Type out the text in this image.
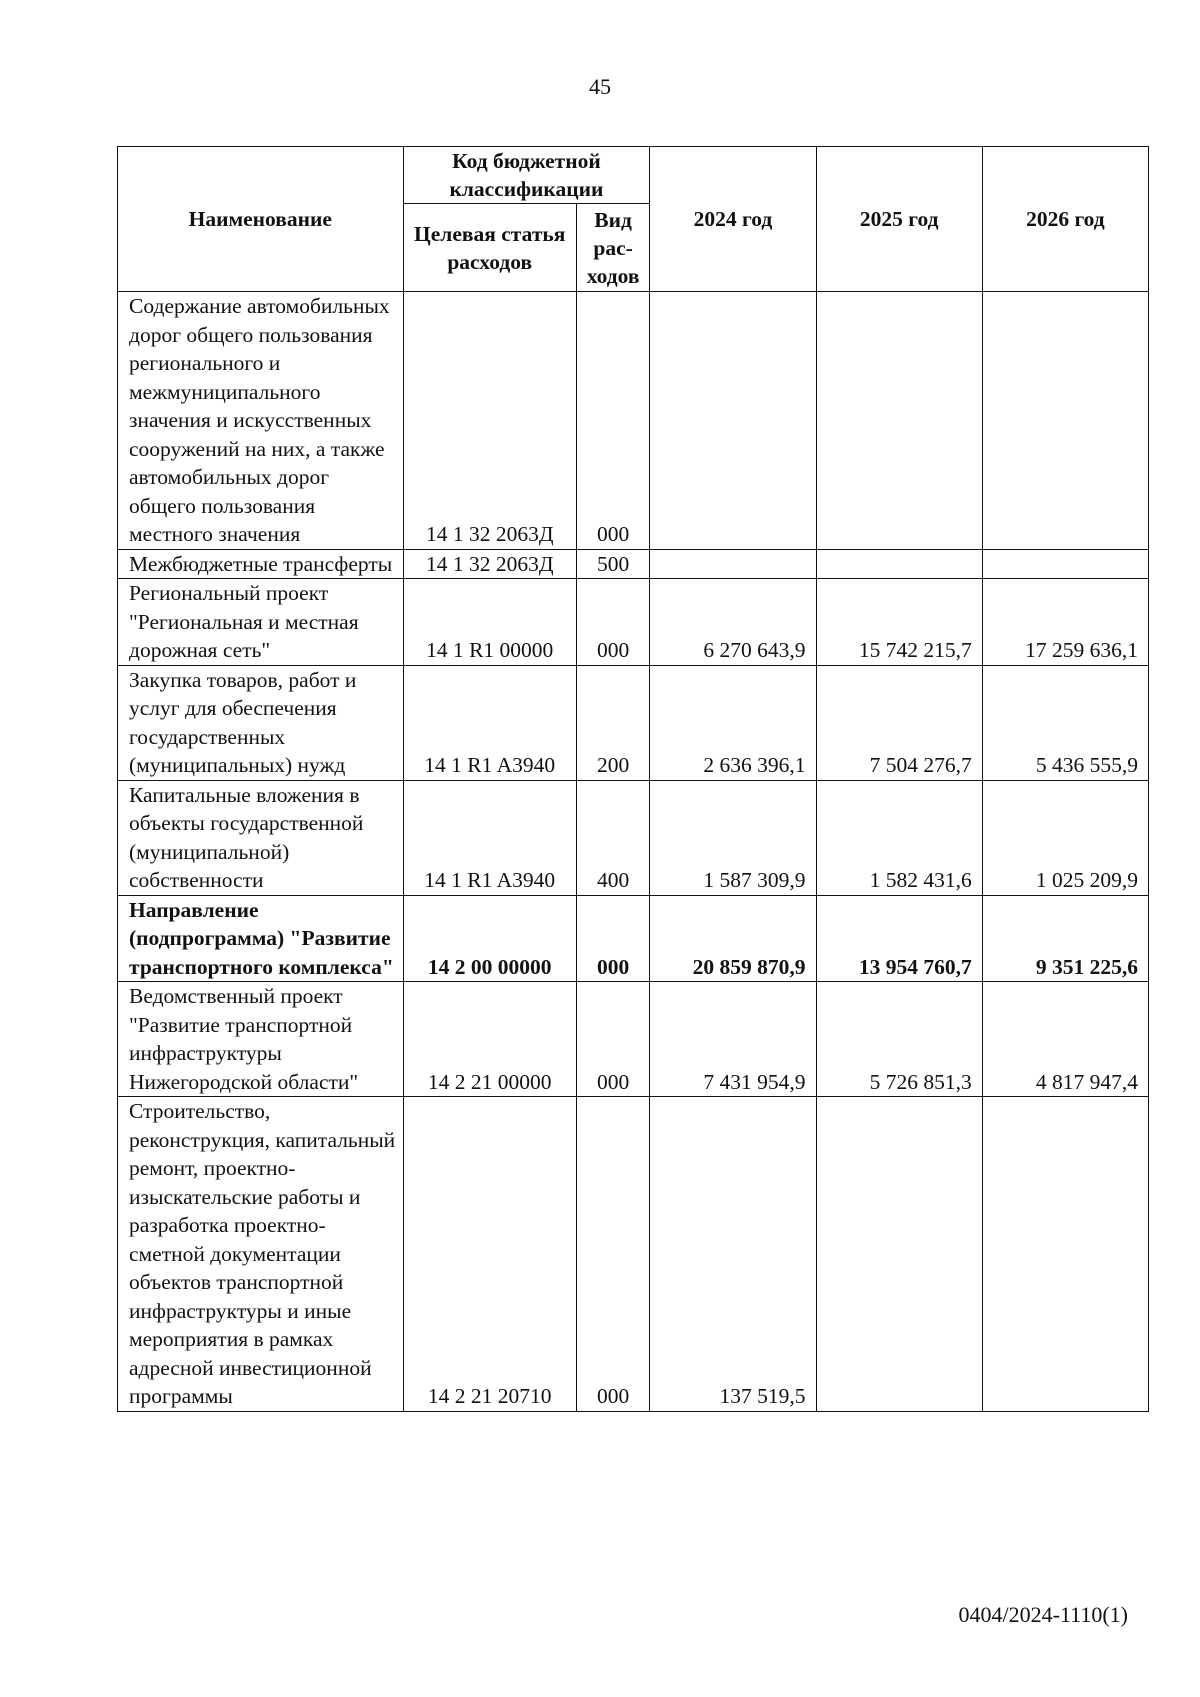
45
Наименование	Код бюджетной классификации		2024 год	2025 год	2026 год
	Целевая статья расходов	Вид рас- ходов			
Содержание автомобильных дорог общего пользования регионального и межмуниципального значения и искусственных сооружений на них, а также автомобильных дорог общего пользования местного значения	14 1 32 2063Д	000			
Межбюджетные трансферты	14 1 32 2063Д	500			
Региональный проект "Региональная и местная дорожная сеть"	14 1 R1 00000	000	6 270 643,9	15 742 215,7	17 259 636,1
Закупка товаров, работ и услуг для обеспечения государственных (муниципальных) нужд	14 1 R1 A3940	200	2 636 396,1	7 504 276,7	5 436 555,9
Капитальные вложения в объекты государственной (муниципальной) собственности	14 1 R1 A3940	400	1 587 309,9	1 582 431,6	1 025 209,9
Направление (подпрограмма) "Развитие транспортного комплекса"	14 2 00 00000	000	20 859 870,9	13 954 760,7	9 351 225,6
Ведомственный проект "Развитие транспортной инфраструктуры Нижегородской области"	14 2 21 00000	000	7 431 954,9	5 726 851,3	4 817 947,4
Строительство, реконструкция, капитальный ремонт, проектно-изыскательские работы и разработка проектно-сметной документации объектов транспортной инфраструктуры и иные мероприятия в рамках адресной инвестиционной программы	14 2 21 20710	000	137 519,5		
0404/2024-1110(1)
